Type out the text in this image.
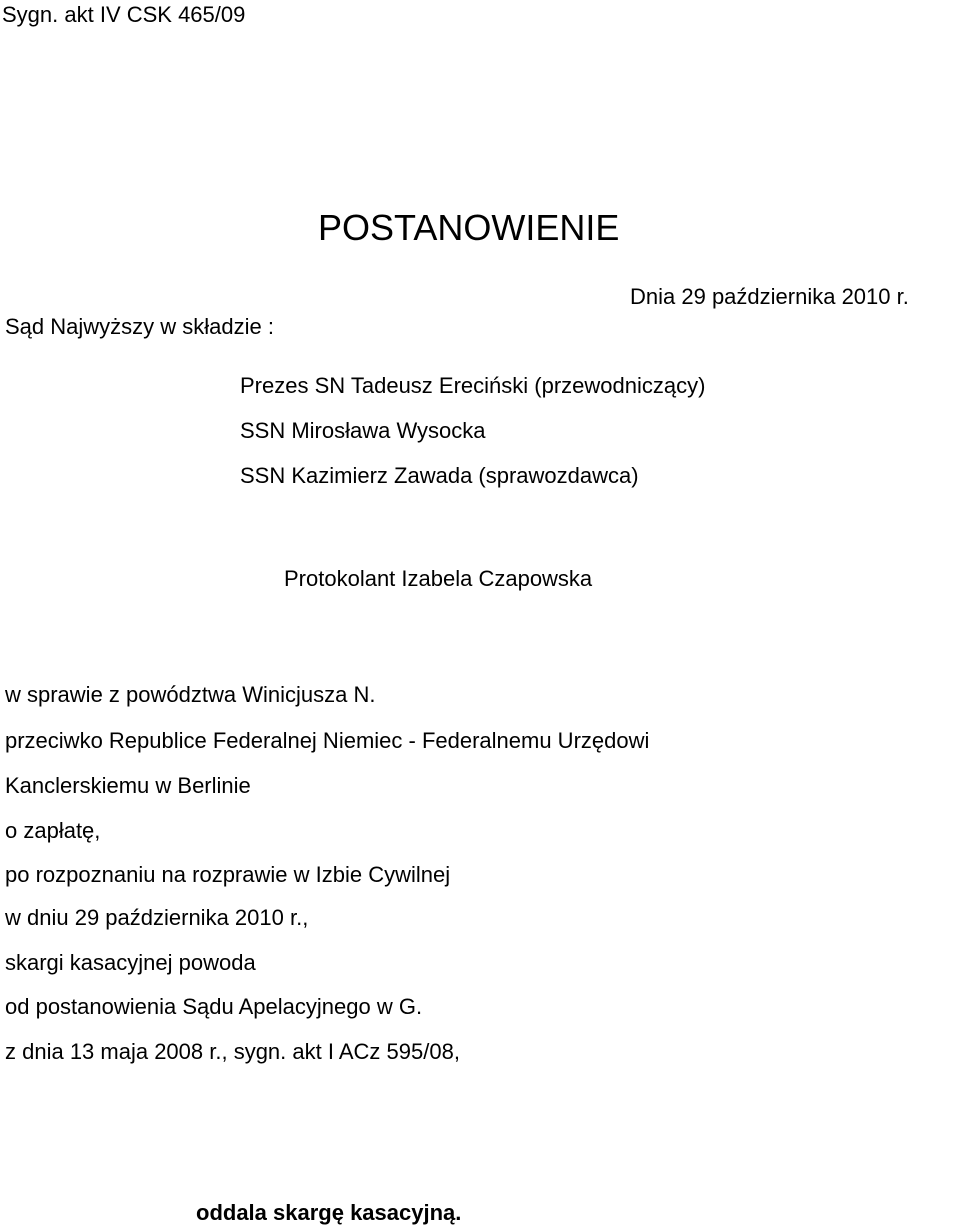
Sygn. akt IV CSK 465/09
POSTANOWIENIE
Dnia 29 października 2010 r.
Sąd Najwyższy w składzie :
Prezes SN Tadeusz Ereciński (przewodniczący)
SSN Mirosława Wysocka
SSN Kazimierz Zawada (sprawozdawca)
Protokolant Izabela Czapowska
w sprawie z powództwa Winicjusza N.
przeciwko Republice Federalnej Niemiec - Federalnemu Urzędowi
Kanclerskiemu w Berlinie
o zapłatę,
po rozpoznaniu na rozprawie w Izbie Cywilnej
w dniu 29 października 2010 r.,
skargi kasacyjnej powoda
od postanowienia Sądu Apelacyjnego w G.
z dnia 13 maja 2008 r., sygn. akt I ACz 595/08,
oddala skargę kasacyjną.
